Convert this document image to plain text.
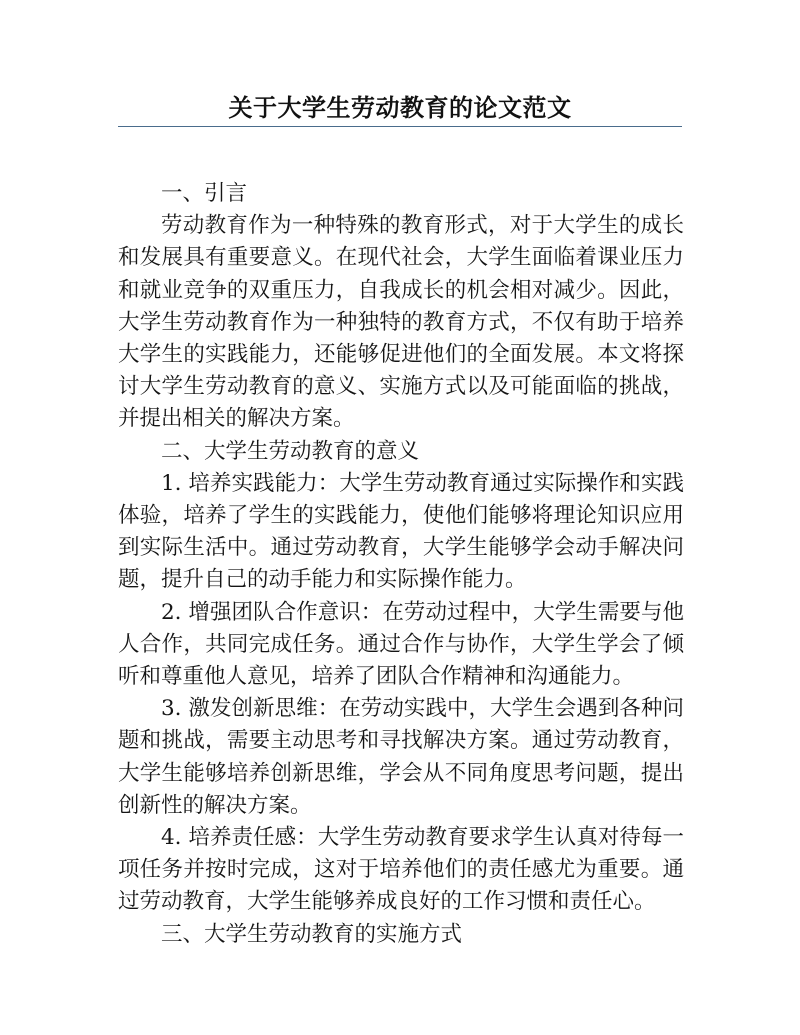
关于大学生劳动教育的论文范文

一、引言

劳动教育作为一种特殊的教育形式，对于大学生的成长和发展具有重要意义。在现代社会，大学生面临着课业压力和就业竞争的双重压力，自我成长的机会相对减少。因此，大学生劳动教育作为一种独特的教育方式，不仅有助于培养大学生的实践能力，还能够促进他们的全面发展。本文将探讨大学生劳动教育的意义、实施方式以及可能面临的挑战，并提出相关的解决方案。

二、大学生劳动教育的意义

1. 培养实践能力：大学生劳动教育通过实际操作和实践体验，培养了学生的实践能力，使他们能够将理论知识应用到实际生活中。通过劳动教育，大学生能够学会动手解决问题，提升自己的动手能力和实际操作能力。

2. 增强团队合作意识：在劳动过程中，大学生需要与他人合作，共同完成任务。通过合作与协作，大学生学会了倾听和尊重他人意见，培养了团队合作精神和沟通能力。

3. 激发创新思维：在劳动实践中，大学生会遇到各种问题和挑战，需要主动思考和寻找解决方案。通过劳动教育，大学生能够培养创新思维，学会从不同角度思考问题，提出创新性的解决方案。

4. 培养责任感：大学生劳动教育要求学生认真对待每一项任务并按时完成，这对于培养他们的责任感尤为重要。通过劳动教育，大学生能够养成良好的工作习惯和责任心。

三、大学生劳动教育的实施方式
